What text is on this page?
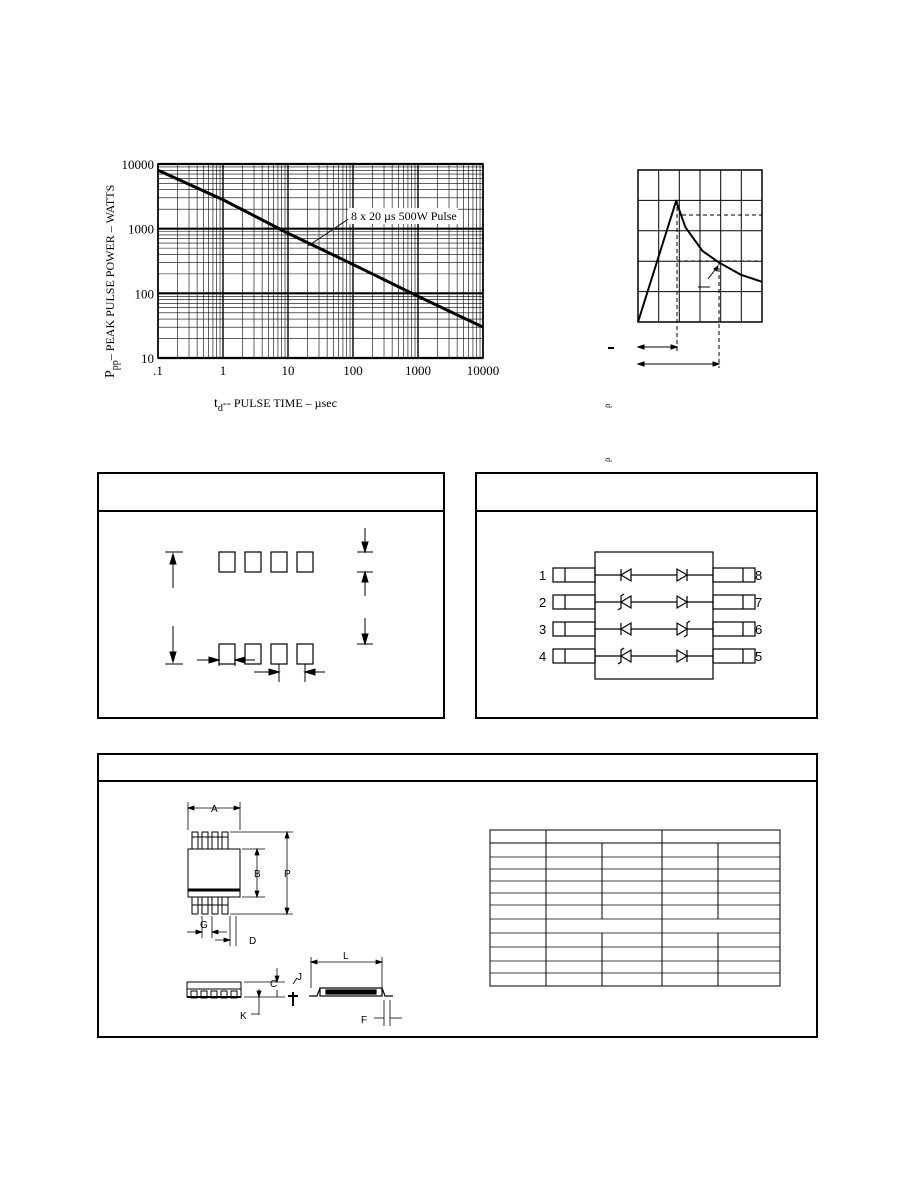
.1	1	10	100	1000	10000
10
100
1000
10000
8 x 20 µs 500W Pulse
$P_{pp}-$ PEAK PULSE POWER – WATTS
$t_d--$ PULSE TIME – µsec	ρ
ρ
1
2
3
4
8
7
6
5
A
B P
G
D
C
J
K
L
F
